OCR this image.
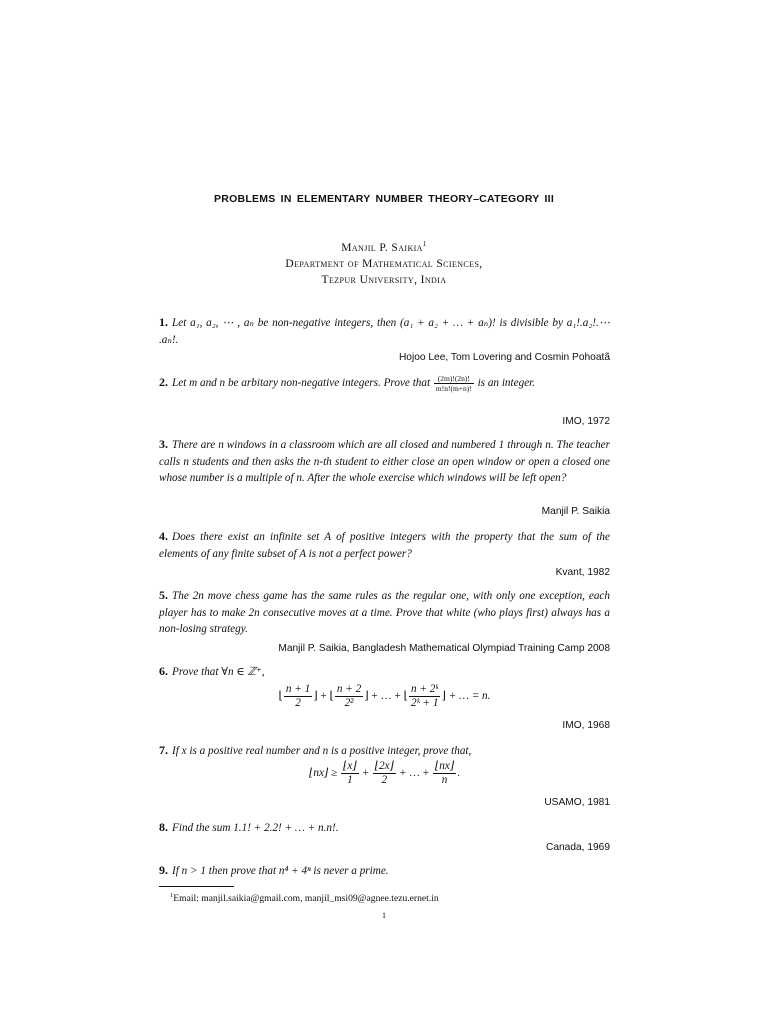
PROBLEMS IN ELEMENTARY NUMBER THEORY–CATEGORY III
Manjil P. Saikia$^1$
Department of Mathematical Sciences,
Tezpur University, India

1. Let a₁, a₂, ⋯ , aₙ be non-negative integers, then (a₁ + a₂ + … + aₙ)! is divisible by a₁!.a₂!.⋯ .aₙ!.

Hojoo Lee, Tom Lovering and Cosmin Pohoatã

2. Let m and n be arbitary non-negative integers. Prove that $\frac{(2m)!(2n)!}{m!n!(m+n)!}$ is an integer.

IMO, 1972

3. There are n windows in a classroom which are all closed and numbered 1 through n. The teacher calls n students and then asks the n-th student to either close an open window or open a closed one whose number is a multiple of n. After the whole exercise which windows will be left open?

Manjil P. Saikia

4. Does there exist an infinite set A of positive integers with the property that the sum of the elements of any finite subset of A is not a perfect power?

Kvant, 1982

5. The 2n move chess game has the same rules as the regular one, with only one exception, each player has to make 2n consecutive moves at a time. Prove that white (who plays first) always has a non-losing strategy.

Manjil P. Saikia, Bangladesh Mathematical Olympiad Training Camp 2008

6. Prove that ∀n ∈ ℤ⁺,

⌊ $\frac{n + 1}{2}$ ⌋ + ⌊ $\frac{n + 2}{\text{2²}}$ ⌋ + … + ⌊ $\frac{\text{n + 2ᵏ}}{\text{2ᵏ + 1}}$ ⌋ + … = n.
IMO, 1968

7. If x is a positive real number and n is a positive integer, prove that,

⌊nx⌋ ≥ $\frac{⌊x⌋}{1} + \frac{⌊2x⌋}{2}$ + … + $\frac{⌊nx⌋}{n}$ .
USAMO, 1981

8. Find the sum 1.1! + 2.2! + … + n.n!.

Canada, 1969

9. If n > 1 then prove that n⁴ + 4ⁿ is never a prime.

$^1$Email: manjil.saikia@gmail.com, manjil_msi09@agnee.tezu.ernet.in
1
